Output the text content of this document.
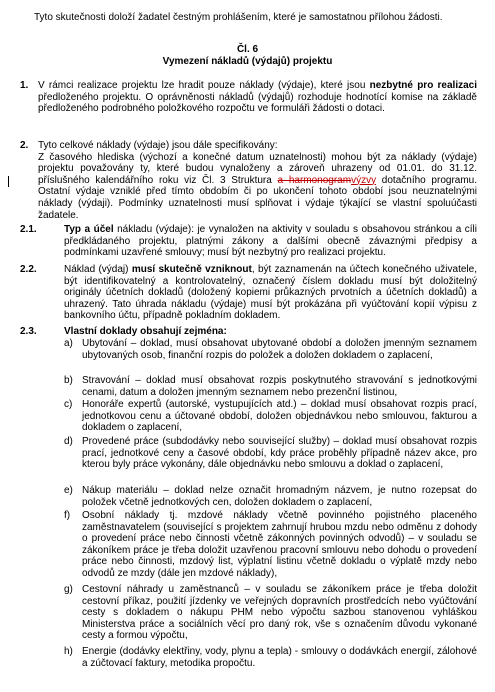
Tyto skutečnosti doloží žadatel čestným prohlášením, které je samostatnou přílohou žádosti.
Čl. 6
Vymezení nákladů (výdajů) projektu
1. V rámci realizace projektu lze hradit pouze náklady (výdaje), které jsou nezbytné pro realizaci předloženého projektu. O oprávněnosti nákladů (výdajů) rozhoduje hodnotící komise na základě předloženého podrobného položkového rozpočtu ve formuláři žádosti o dotaci.
2. Tyto celkové náklady (výdaje) jsou dále specifikovány:
Z časového hlediska (výchozí a konečné datum uznatelnosti) mohou být za náklady (výdaje) projektu považovány ty, které budou vynaloženy a zároveň uhrazeny od 01.01. do 31.12. příslušného kalendářního roku viz Čl. 3 Struktura a harmonogramvýzvy dotačního programu. Ostatní výdaje vzniklé před tímto obdobím či po ukončení tohoto období jsou neuznatelnými náklady (výdaji). Podmínky uznatelnosti musí splňovat i výdaje týkající se vlastní spoluúčasti žadatele.
2.1.	Typ a účel nákladu (výdaje): je vynaložen na aktivity v souladu s obsahovou stránkou a cíli předkládaného projektu, platnými zákony a dalšími obecně závaznými předpisy a podmínkami uzavřené smlouvy; musí být nezbytný pro realizaci projektu.
2.2.	Náklad (výdaj) musí skutečně vzniknout, být zaznamenán na účtech konečného uživatele, být identifikovatelný a kontrolovatelný, označený číslem dokladu musí být doložitelný originály účetních dokladů (doložený kopiemi průkazných prvotních a účetních dokladů) a uhrazený. Tato úhrada nákladu (výdaje) musí být prokázána při vyúčtování kopií výpisu z bankovního účtu, případně pokladním dokladem.
2.3.	Vlastní doklady obsahují zejména:
a) Ubytování – doklad, musí obsahovat ubytované období a doložen jmenným seznamem ubytovaných osob, finanční rozpis do položek a doložen dokladem o zaplacení,
b) Stravování – doklad musí obsahovat rozpis poskytnutého stravování s jednotkovými cenami, datum a doložen jmenným seznamem nebo prezenční listinou,
c) Honoráře expertů (autorské, vystupujících atd.) – doklad musí obsahovat rozpis prací, jednotkovou cenu a účtované období, doložen objednávkou nebo smlouvou, fakturou a dokladem o zaplacení,
d) Provedené práce (subdodávky nebo související služby) – doklad musí obsahovat rozpis prací, jednotkové ceny a časové období, kdy práce proběhly případně název akce, pro kterou byly práce vykonány, dále objednávku nebo smlouvu a doklad o zaplacení,
e) Nákup materiálu – doklad nelze označit hromadným názvem, je nutno rozepsat do položek včetně jednotkových cen, doložen dokladem o zaplacení,
f) Osobní náklady tj. mzdové náklady včetně povinného pojistného placeného zaměstnavatelem (související s projektem zahrnují hrubou mzdu nebo odměnu z dohody o provedení práce nebo činnosti včetně zákonných povinných odvodů) – v souladu se zákoníkem práce je třeba doložit uzavřenou pracovní smlouvu nebo dohodu o provedení práce nebo činnosti, mzdový list, výplatní listinu včetně dokladu o výplatě mzdy nebo odvodů ze mzdy (dále jen mzdové náklady),
g) Cestovní náhrady u zaměstnanců – v souladu se zákoníkem práce je třeba doložit cestovní příkaz, použití jízdenky ve veřejných dopravních prostředcích nebo vyúčtování cesty s dokladem o nákupu PHM nebo výpočtu sazbou stanovenou vyhláškou Ministerstva práce a sociálních věcí pro daný rok, vše s označením důvodu vykonané cesty a formou výpočtu,
h) Energie (dodávky elektřiny, vody, plynu a tepla) - smlouvy o dodávkách energií, zálohové a zúčtovací faktury, metodika propočtu.
